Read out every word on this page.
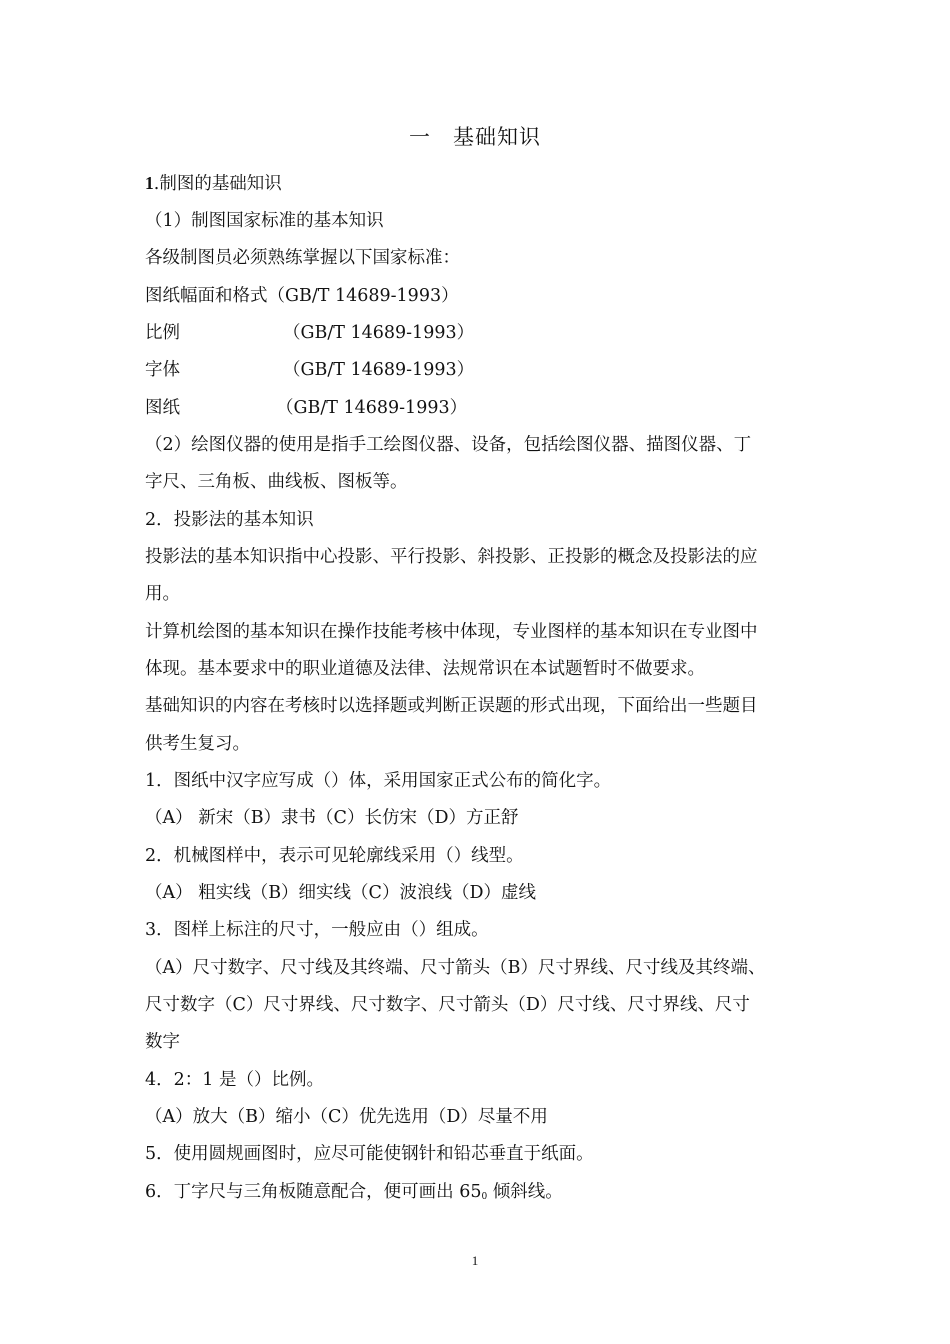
一　基础知识
1.制图的基础知识
（1）制图国家标准的基本知识
各级制图员必须熟练掌握以下国家标准：
图纸幅面和格式（GB/T 14689-1993）
比例	（GB/T 14689-1993）
字体	（GB/T 14689-1993）
图纸	（GB/T 14689-1993）
（2）绘图仪器的使用是指手工绘图仪器、设备，包括绘图仪器、描图仪器、丁
字尺、三角板、曲线板、图板等。
2．投影法的基本知识
投影法的基本知识指中心投影、平行投影、斜投影、正投影的概念及投影法的应
用。
计算机绘图的基本知识在操作技能考核中体现，专业图样的基本知识在专业图中
体现。基本要求中的职业道德及法律、法规常识在本试题暂时不做要求。
基础知识的内容在考核时以选择题或判断正误题的形式出现，下面给出一些题目
供考生复习。
1．图纸中汉字应写成（）体，采用国家正式公布的简化字。
（A） 新宋（B）隶书（C）长仿宋（D）方正舒
2．机械图样中，表示可见轮廓线采用（）线型。
（A） 粗实线（B）细实线（C）波浪线（D）虚线
3．图样上标注的尺寸，一般应由（）组成。
（A）尺寸数字、尺寸线及其终端、尺寸箭头（B）尺寸界线、尺寸线及其终端、
尺寸数字（C）尺寸界线、尺寸数字、尺寸箭头（D）尺寸线、尺寸界线、尺寸
数字
4．2：1 是（）比例。
（A）放大（B）缩小（C）优先选用（D）尽量不用
5．使用圆规画图时，应尽可能使钢针和铅芯垂直于纸面。
6．丁字尺与三角板随意配合，便可画出 $65_0$ 倾斜线。
1
